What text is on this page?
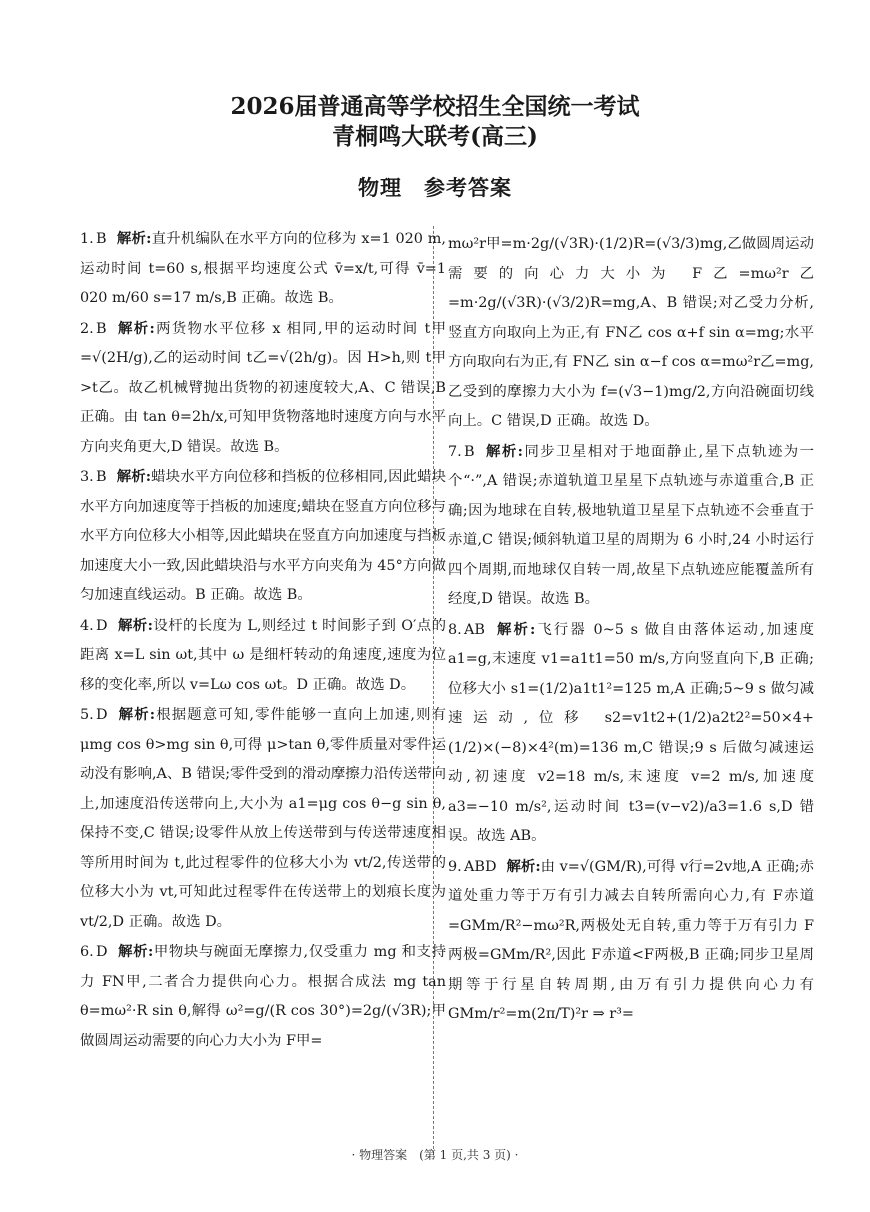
2026届普通高等学校招生全国统一考试
青桐鸣大联考(高三)
物理　参考答案

1. B 解析:直升机编队在水平方向的位移为 x=1 020 m,运动时间 t=60 s,根据平均速度公式 v̄=x/t,可得 v̄=1 020 m/60 s=17 m/s,B 正确。故选 B。

2. B 解析:两货物水平位移 x 相同,甲的运动时间 t甲=√(2H/g),乙的运动时间 t乙=√(2h/g)。因 H>h,则 t甲>t乙。故乙机械臂抛出货物的初速度较大,A、C 错误,B 正确。由 tan θ=2h/x,可知甲货物落地时速度方向与水平方向夹角更大,D 错误。故选 B。

3. B 解析:蜡块水平方向位移和挡板的位移相同,因此蜡块水平方向加速度等于挡板的加速度;蜡块在竖直方向位移与水平方向位移大小相等,因此蜡块在竖直方向加速度与挡板加速度大小一致,因此蜡块沿与水平方向夹角为 45°方向做匀加速直线运动。B 正确。故选 B。

4. D 解析:设杆的长度为 L,则经过 t 时间影子到 O′点的距离 x=L sin ωt,其中 ω 是细杆转动的角速度,速度为位移的变化率,所以 v=Lω cos ωt。D 正确。故选 D。

5. D 解析:根据题意可知,零件能够一直向上加速,则有 μmg cos θ>mg sin θ,可得 μ>tan θ,零件质量对零件运动没有影响,A、B 错误;零件受到的滑动摩擦力沿传送带向上,加速度沿传送带向上,大小为 a1=μg cos θ−g sin θ,保持不变,C 错误;设零件从放上传送带到与传送带速度相等所用时间为 t,此过程零件的位移大小为 vt/2,传送带的位移大小为 vt,可知此过程零件在传送带上的划痕长度为 vt/2,D 正确。故选 D。

6. D 解析:甲物块与碗面无摩擦力,仅受重力 mg 和支持力 FN甲,二者合力提供向心力。根据合成法 mg tan θ=mω²·R sin θ,解得 ω²=g/(R cos 30°)=2g/(√3R);甲做圆周运动需要的向心力大小为 F甲=

mω²r甲=m·2g/(√3R)·(1/2)R=(√3/3)mg,乙做圆周运动需要的向心力大小为 F乙=mω²r乙=m·2g/(√3R)·(√3/2)R=mg,A、B 错误;对乙受力分析,竖直方向取向上为正,有 FN乙 cos α+f sin α=mg;水平方向取向右为正,有 FN乙 sin α−f cos α=mω²r乙=mg,乙受到的摩擦力大小为 f=(√3−1)mg/2,方向沿碗面切线向上。C 错误,D 正确。故选 D。

7. B 解析:同步卫星相对于地面静止,星下点轨迹为一个“·”,A 错误;赤道轨道卫星星下点轨迹与赤道重合,B 正确;因为地球在自转,极地轨道卫星星下点轨迹不会垂直于赤道,C 错误;倾斜轨道卫星的周期为 6 小时,24 小时运行四个周期,而地球仅自转一周,故星下点轨迹应能覆盖所有经度,D 错误。故选 B。

8. AB 解析:飞行器 0~5 s 做自由落体运动,加速度 a1=g,末速度 v1=a1t1=50 m/s,方向竖直向下,B 正确;位移大小 s1=(1/2)a1t1²=125 m,A 正确;5~9 s 做匀减速运动,位移 s2=v1t2+(1/2)a2t2²=50×4+(1/2)×(−8)×4²(m)=136 m,C 错误;9 s 后做匀减速运动,初速度 v2=18 m/s,末速度 v=2 m/s,加速度 a3=−10 m/s²,运动时间 t3=(v−v2)/a3=1.6 s,D 错误。故选 AB。

9. ABD 解析:由 v=√(GM/R),可得 v行=2v地,A 正确;赤道处重力等于万有引力减去自转所需向心力,有 F赤道=GMm/R²−mω²R,两极处无自转,重力等于万有引力 F两极=GMm/R²,因此 F赤道<F两极,B 正确;同步卫星周期等于行星自转周期,由万有引力提供向心力有 GMm/r²=m(2π/T)²r ⇒ r³=

· 物理答案　(第 1 页,共 3 页) ·
